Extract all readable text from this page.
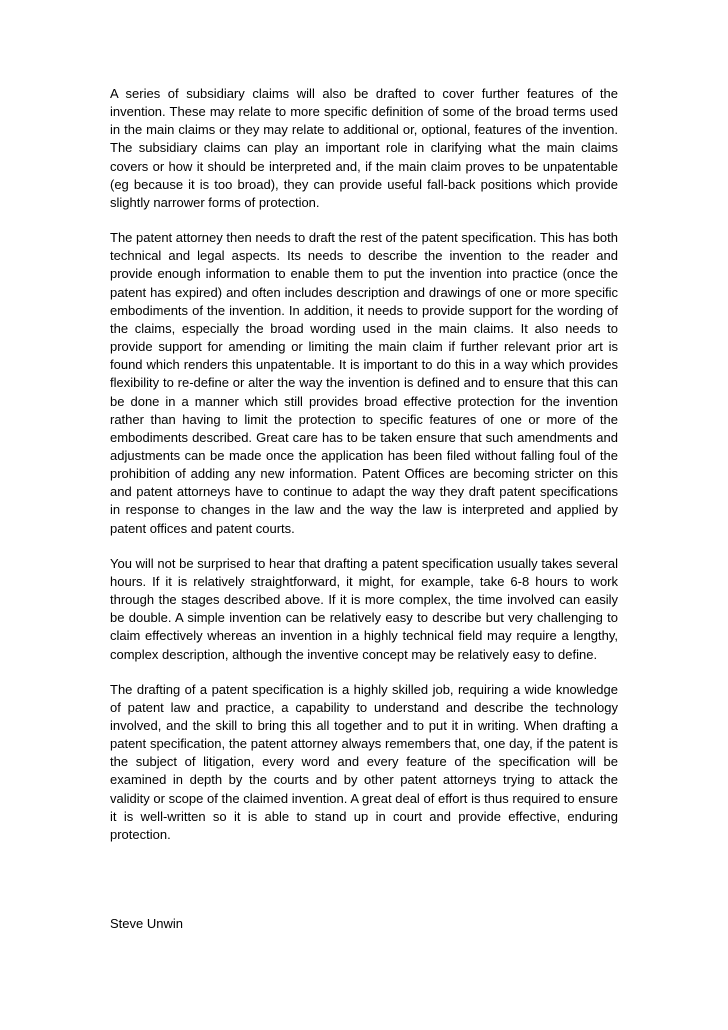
A series of subsidiary claims will also be drafted to cover further features of the invention. These may relate to more specific definition of some of the broad terms used in the main claims or they may relate to additional or, optional, features of the invention. The subsidiary claims can play an important role in clarifying what the main claims covers or how it should be interpreted and, if the main claim proves to be unpatentable (eg because it is too broad), they can provide useful fall-back positions which provide slightly narrower forms of protection.

The patent attorney then needs to draft the rest of the patent specification. This has both technical and legal aspects. Its needs to describe the invention to the reader and provide enough information to enable them to put the invention into practice (once the patent has expired) and often includes description and drawings of one or more specific embodiments of the invention. In addition, it needs to provide support for the wording of the claims, especially the broad wording used in the main claims. It also needs to provide support for amending or limiting the main claim if further relevant prior art is found which renders this unpatentable. It is important to do this in a way which provides flexibility to re-define or alter the way the invention is defined and to ensure that this can be done in a manner which still provides broad effective protection for the invention rather than having to limit the protection to specific features of one or more of the embodiments described. Great care has to be taken ensure that such amendments and adjustments can be made once the application has been filed without falling foul of the prohibition of adding any new information. Patent Offices are becoming stricter on this and patent attorneys have to continue to adapt the way they draft patent specifications in response to changes in the law and the way the law is interpreted and applied by patent offices and patent courts.

You will not be surprised to hear that drafting a patent specification usually takes several hours. If it is relatively straightforward, it might, for example, take 6-8 hours to work through the stages described above. If it is more complex, the time involved can easily be double. A simple invention can be relatively easy to describe but very challenging to claim effectively whereas an invention in a highly technical field may require a lengthy, complex description, although the inventive concept may be relatively easy to define.

The drafting of a patent specification is a highly skilled job, requiring a wide knowledge of patent law and practice, a capability to understand and describe the technology involved, and the skill to bring this all together and to put it in writing. When drafting a patent specification, the patent attorney always remembers that, one day, if the patent is the subject of litigation, every word and every feature of the specification will be examined in depth by the courts and by other patent attorneys trying to attack the validity or scope of the claimed invention. A great deal of effort is thus required to ensure it is well-written so it is able to stand up in court and provide effective, enduring protection.

Steve Unwin
